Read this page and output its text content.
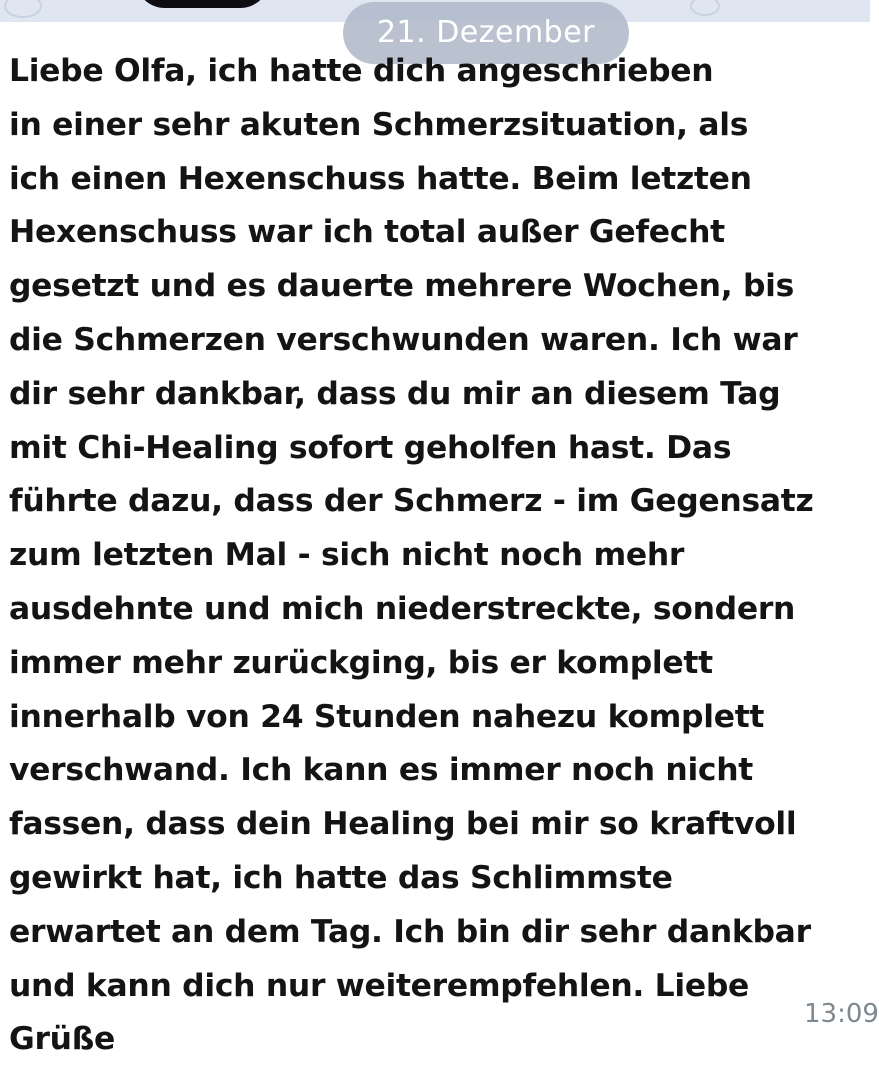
21. Dezember
Liebe Olfa, ich hatte dich angeschrieben
in einer sehr akuten Schmerzsituation, als
ich einen Hexenschuss hatte. Beim letzten
Hexenschuss war ich total außer Gefecht
gesetzt und es dauerte mehrere Wochen, bis
die Schmerzen verschwunden waren. Ich war
dir sehr dankbar, dass du mir an diesem Tag
mit Chi-Healing sofort geholfen hast. Das
führte dazu, dass der Schmerz - im Gegensatz
zum letzten Mal - sich nicht noch mehr
ausdehnte und mich niederstreckte, sondern
immer mehr zurückging, bis er komplett
innerhalb von 24 Stunden nahezu komplett
verschwand. Ich kann es immer noch nicht
fassen, dass dein Healing bei mir so kraftvoll
gewirkt hat, ich hatte das Schlimmste
erwartet an dem Tag. Ich bin dir sehr dankbar
und kann dich nur weiterempfehlen. Liebe
Grüße
13:09
